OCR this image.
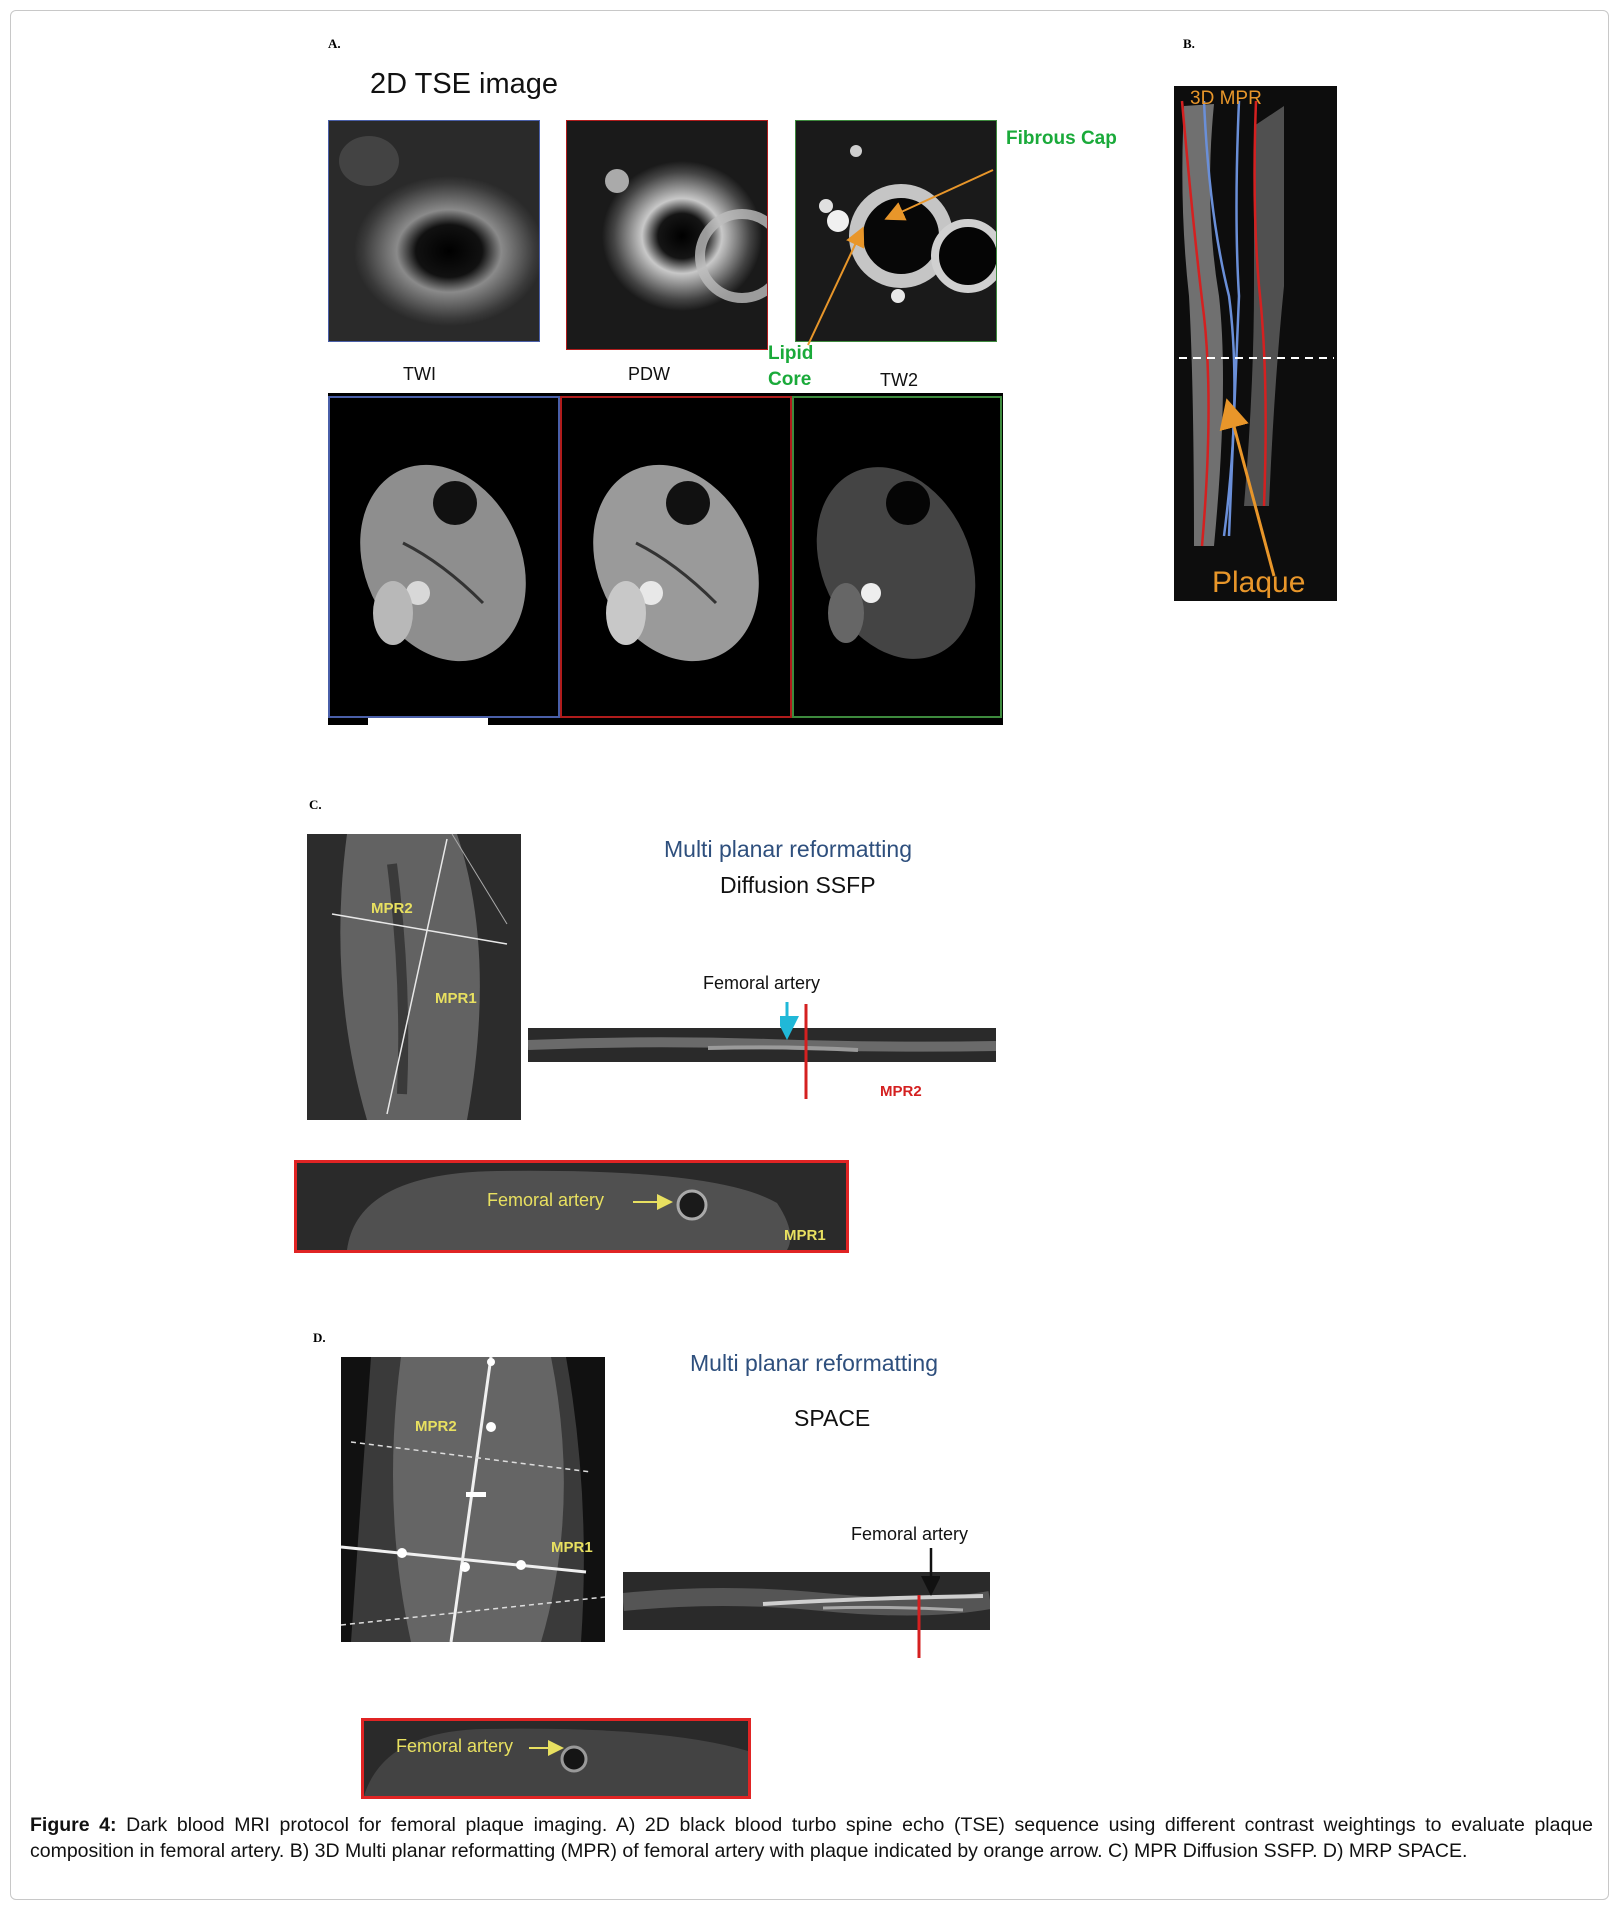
A.
2D TSE image
Fibrous Cap
Lipid
Core
TWI	PDW	TW2
B.
3D MPR
Plaque
C.
MPR2
MPR1
Multi planar reformatting
Diffusion SSFP
Femoral artery
MPR2
Femoral artery
MPR1
D.
MPR2
MPR1
Multi planar reformatting
SPACE
Femoral artery
Femoral artery
Figure 4: Dark blood MRI protocol for femoral plaque imaging. A) 2D black blood turbo spine echo (TSE) sequence using different contrast weightings to evaluate plaque composition in femoral artery. B) 3D Multi planar reformatting (MPR) of femoral artery with plaque indicated by orange arrow. C) MPR Diffusion SSFP. D) MRP SPACE.
